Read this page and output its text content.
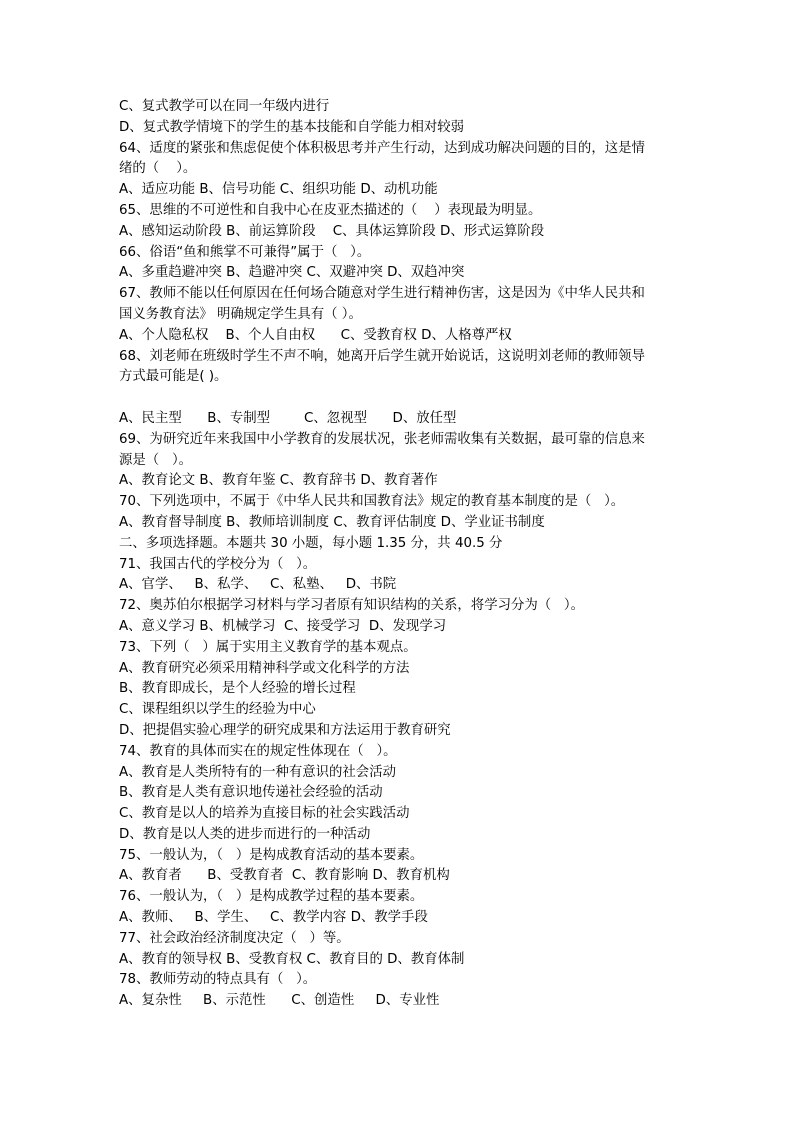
C、复式教学可以在同一年级内进行
D、复式教学情境下的学生的基本技能和自学能力相对较弱
64、适度的紧张和焦虑促使个体积极思考并产生行动，达到成功解决问题的目的，这是情
绪的（    ）。
A、适应功能 B、信号功能 C、组织功能 D、动机功能
65、思维的不可逆性和自我中心在皮亚杰描述的（    ）表现最为明显。
A、感知运动阶段 B、前运算阶段    C、具体运算阶段 D、形式运算阶段
66、俗语“鱼和熊掌不可兼得”属于（   ）。
A、多重趋避冲突 B、趋避冲突 C、双避冲突 D、双趋冲突
67、教师不能以任何原因在任何场合随意对学生进行精神伤害，这是因为《中华人民共和
国义务教育法》 明确规定学生具有（ ）。
A、个人隐私权    B、个人自由权      C、受教育权 D、人格尊严权
68、刘老师在班级时学生不声不响，她离开后学生就开始说话，这说明刘老师的教师领导
方式最可能是( )。
A、民主型      B、专制型        C、忽视型      D、放任型
69、为研究近年来我国中小学教育的发展状况，张老师需收集有关数据，最可靠的信息来
源是（   ）。
A、教育论文 B、教育年鉴 C、教育辞书 D、教育著作
70、下列选项中，不属于《中华人民共和国教育法》规定的教育基本制度的是（   ）。
A、教育督导制度 B、教师培训制度 C、教育评估制度 D、学业证书制度
二、多项选择题。本题共 30 小题，每小题 1.35 分，共 40.5 分
71、我国古代的学校分为（   ）。
A、官学、   B、私学、   C、私塾、   D、书院
72、奥苏伯尔根据学习材料与学习者原有知识结构的关系，将学习分为（   ）。
A、意义学习 B、机械学习  C、接受学习  D、发现学习
73、下列（   ）属于实用主义教育学的基本观点。
A、教育研究必须采用精神科学或文化科学的方法
B、教育即成长，是个人经验的增长过程
C、课程组织以学生的经验为中心
D、把提倡实验心理学的研究成果和方法运用于教育研究
74、教育的具体而实在的规定性体现在（   ）。
A、教育是人类所特有的一种有意识的社会活动
B、教育是人类有意识地传递社会经验的活动
C、教育是以人的培养为直接目标的社会实践活动
D、教育是以人类的进步而进行的一种活动
75、一般认为，（   ）是构成教育活动的基本要素。
A、教育者      B、受教育者  C、教育影响 D、教育机构
76、一般认为，（   ）是构成教学过程的基本要素。
A、教师、   B、学生、   C、教学内容 D、教学手段
77、社会政治经济制度决定（   ）等。
A、教育的领导权 B、受教育权 C、教育目的 D、教育体制
78、教师劳动的特点具有（   ）。
A、复杂性     B、示范性      C、创造性     D、专业性
